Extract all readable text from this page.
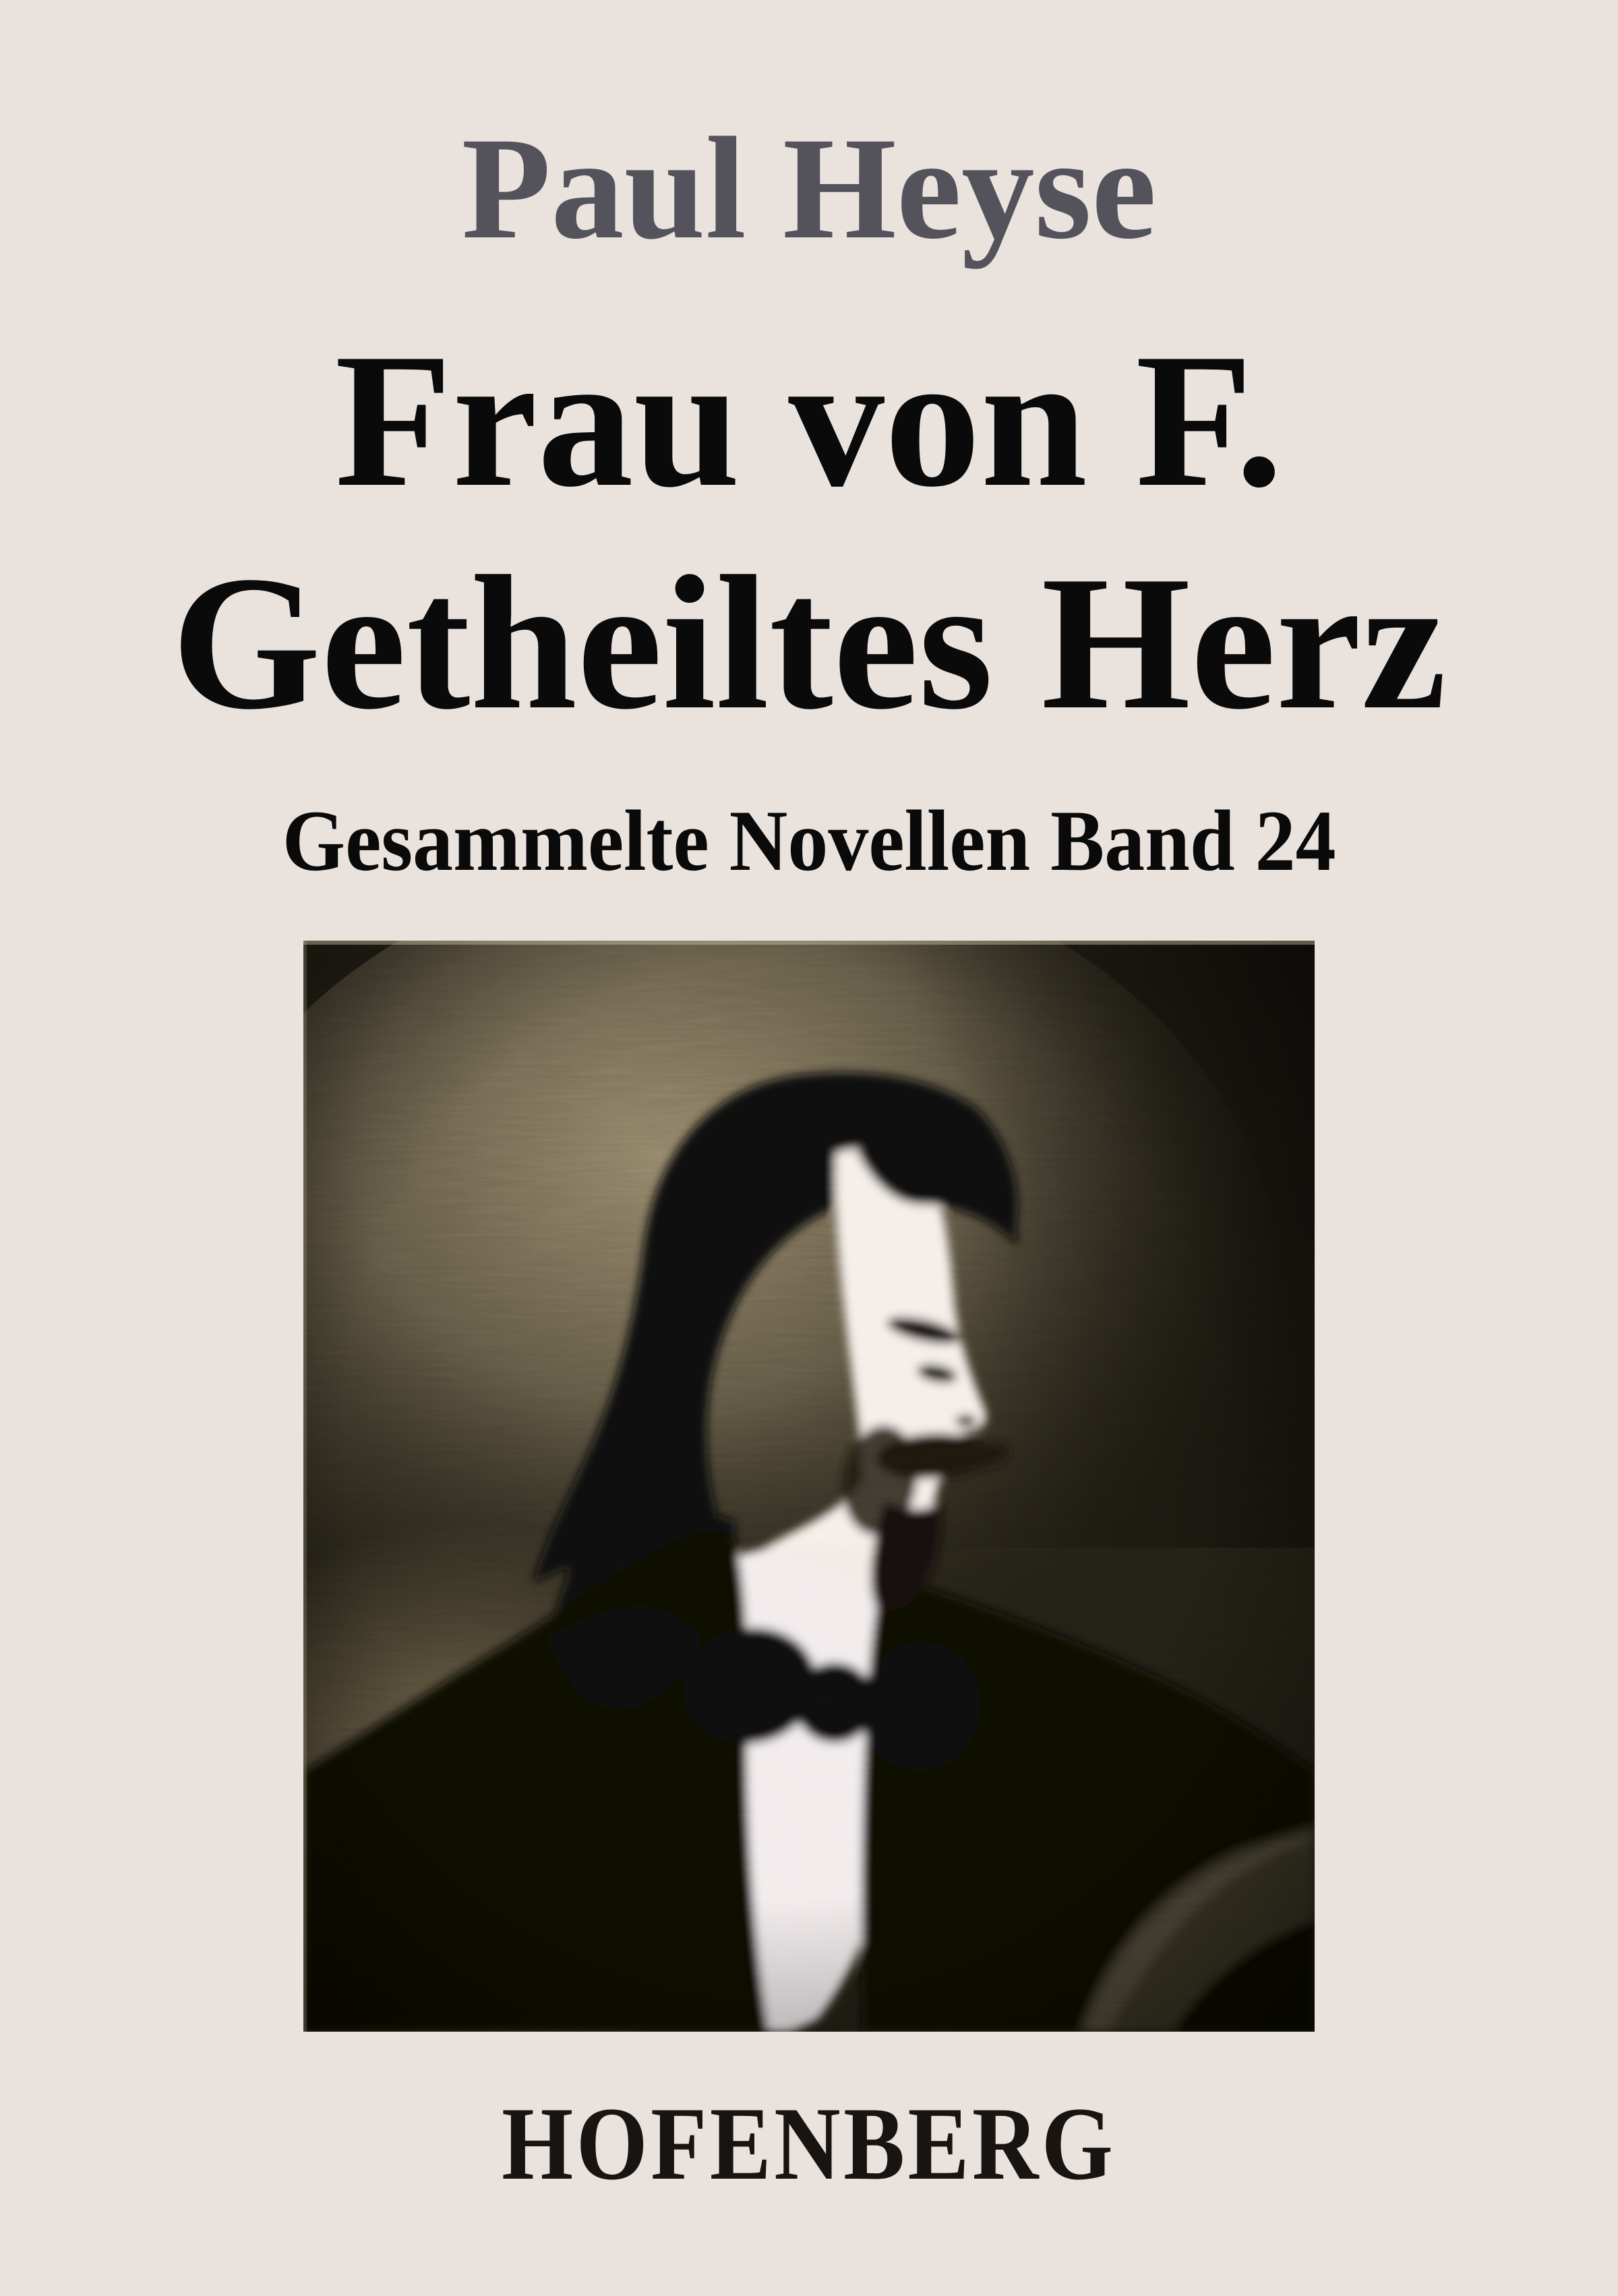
Paul Heyse
Frau von F.
Getheiltes Herz
Gesammelte Novellen Band 24
HOFENBERG
